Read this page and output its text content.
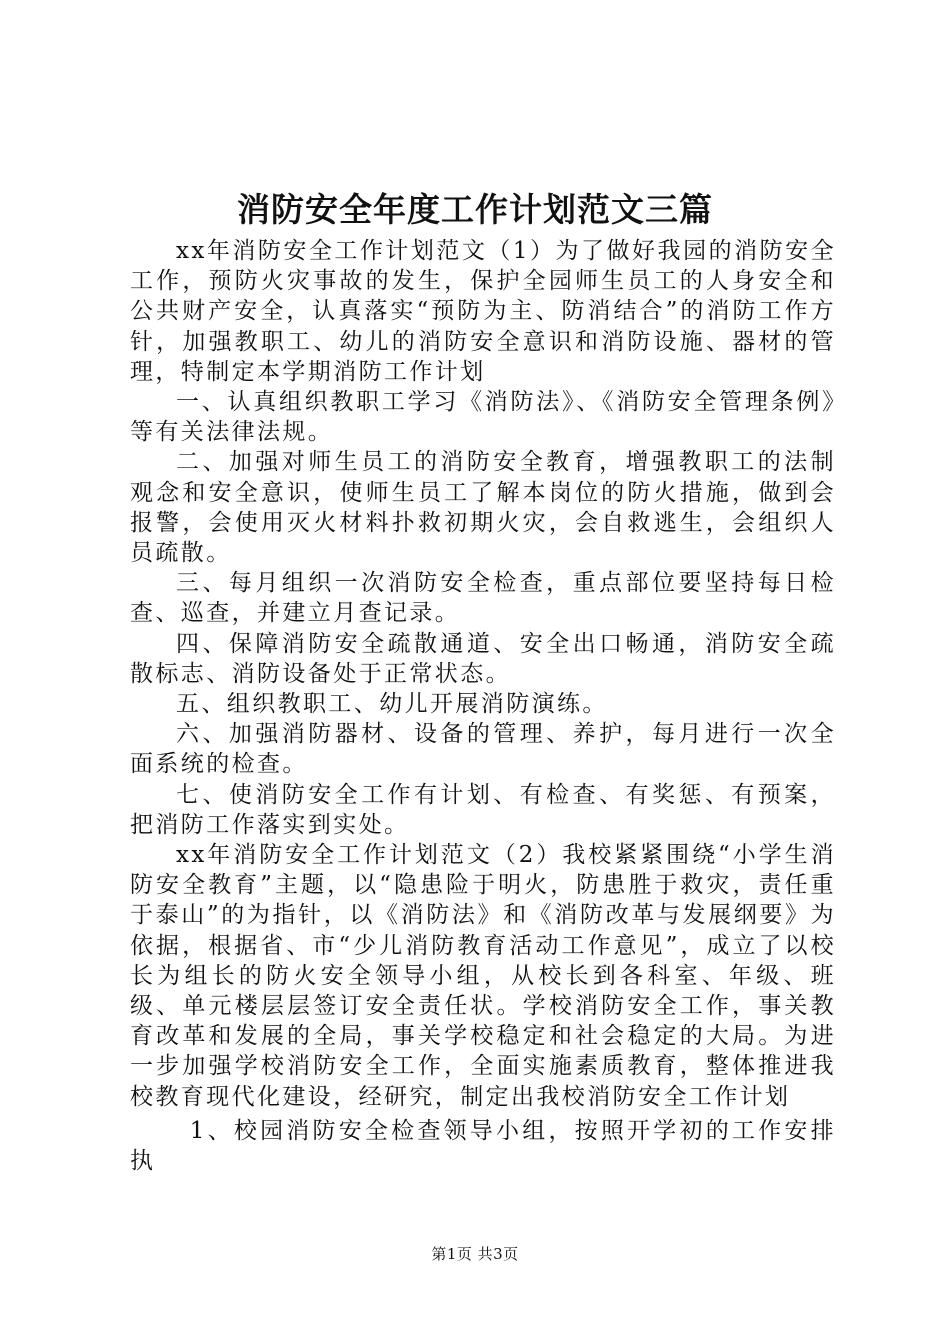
消防安全年度工作计划范文三篇

xx年消防安全工作计划范文（1）为了做好我园的消防安全工作，预防火灾事故的发生，保护全园师生员工的人身安全和公共财产安全，认真落实“预防为主、防消结合”的消防工作方针，加强教职工、幼儿的消防安全意识和消防设施、器材的管理，特制定本学期消防工作计划

一、认真组织教职工学习《消防法》、《消防安全管理条例》等有关法律法规。

二、加强对师生员工的消防安全教育，增强教职工的法制观念和安全意识，使师生员工了解本岗位的防火措施，做到会报警，会使用灭火材料扑救初期火灾，会自救逃生，会组织人员疏散。

三、每月组织一次消防安全检查，重点部位要坚持每日检查、巡查，并建立月查记录。

四、保障消防安全疏散通道、安全出口畅通，消防安全疏散标志、消防设备处于正常状态。

五、组织教职工、幼儿开展消防演练。

六、加强消防器材、设备的管理、养护，每月进行一次全面系统的检查。

七、使消防安全工作有计划、有检查、有奖惩、有预案，把消防工作落实到实处。

xx年消防安全工作计划范文（2）我校紧紧围绕“小学生消防安全教育”主题，以“隐患险于明火，防患胜于救灾，责任重于泰山”的为指针，以《消防法》和《消防改革与发展纲要》为依据，根据省、市“少儿消防教育活动工作意见”，成立了以校长为组长的防火安全领导小组，从校长到各科室、年级、班级、单元楼层层签订安全责任状。学校消防安全工作，事关教育改革和发展的全局，事关学校稳定和社会稳定的大局。为进一步加强学校消防安全工作，全面实施素质教育，整体推进我校教育现代化建设，经研究，制定出我校消防安全工作计划

1、校园消防安全检查领导小组，按照开学初的工作安排执

第1页 共3页
